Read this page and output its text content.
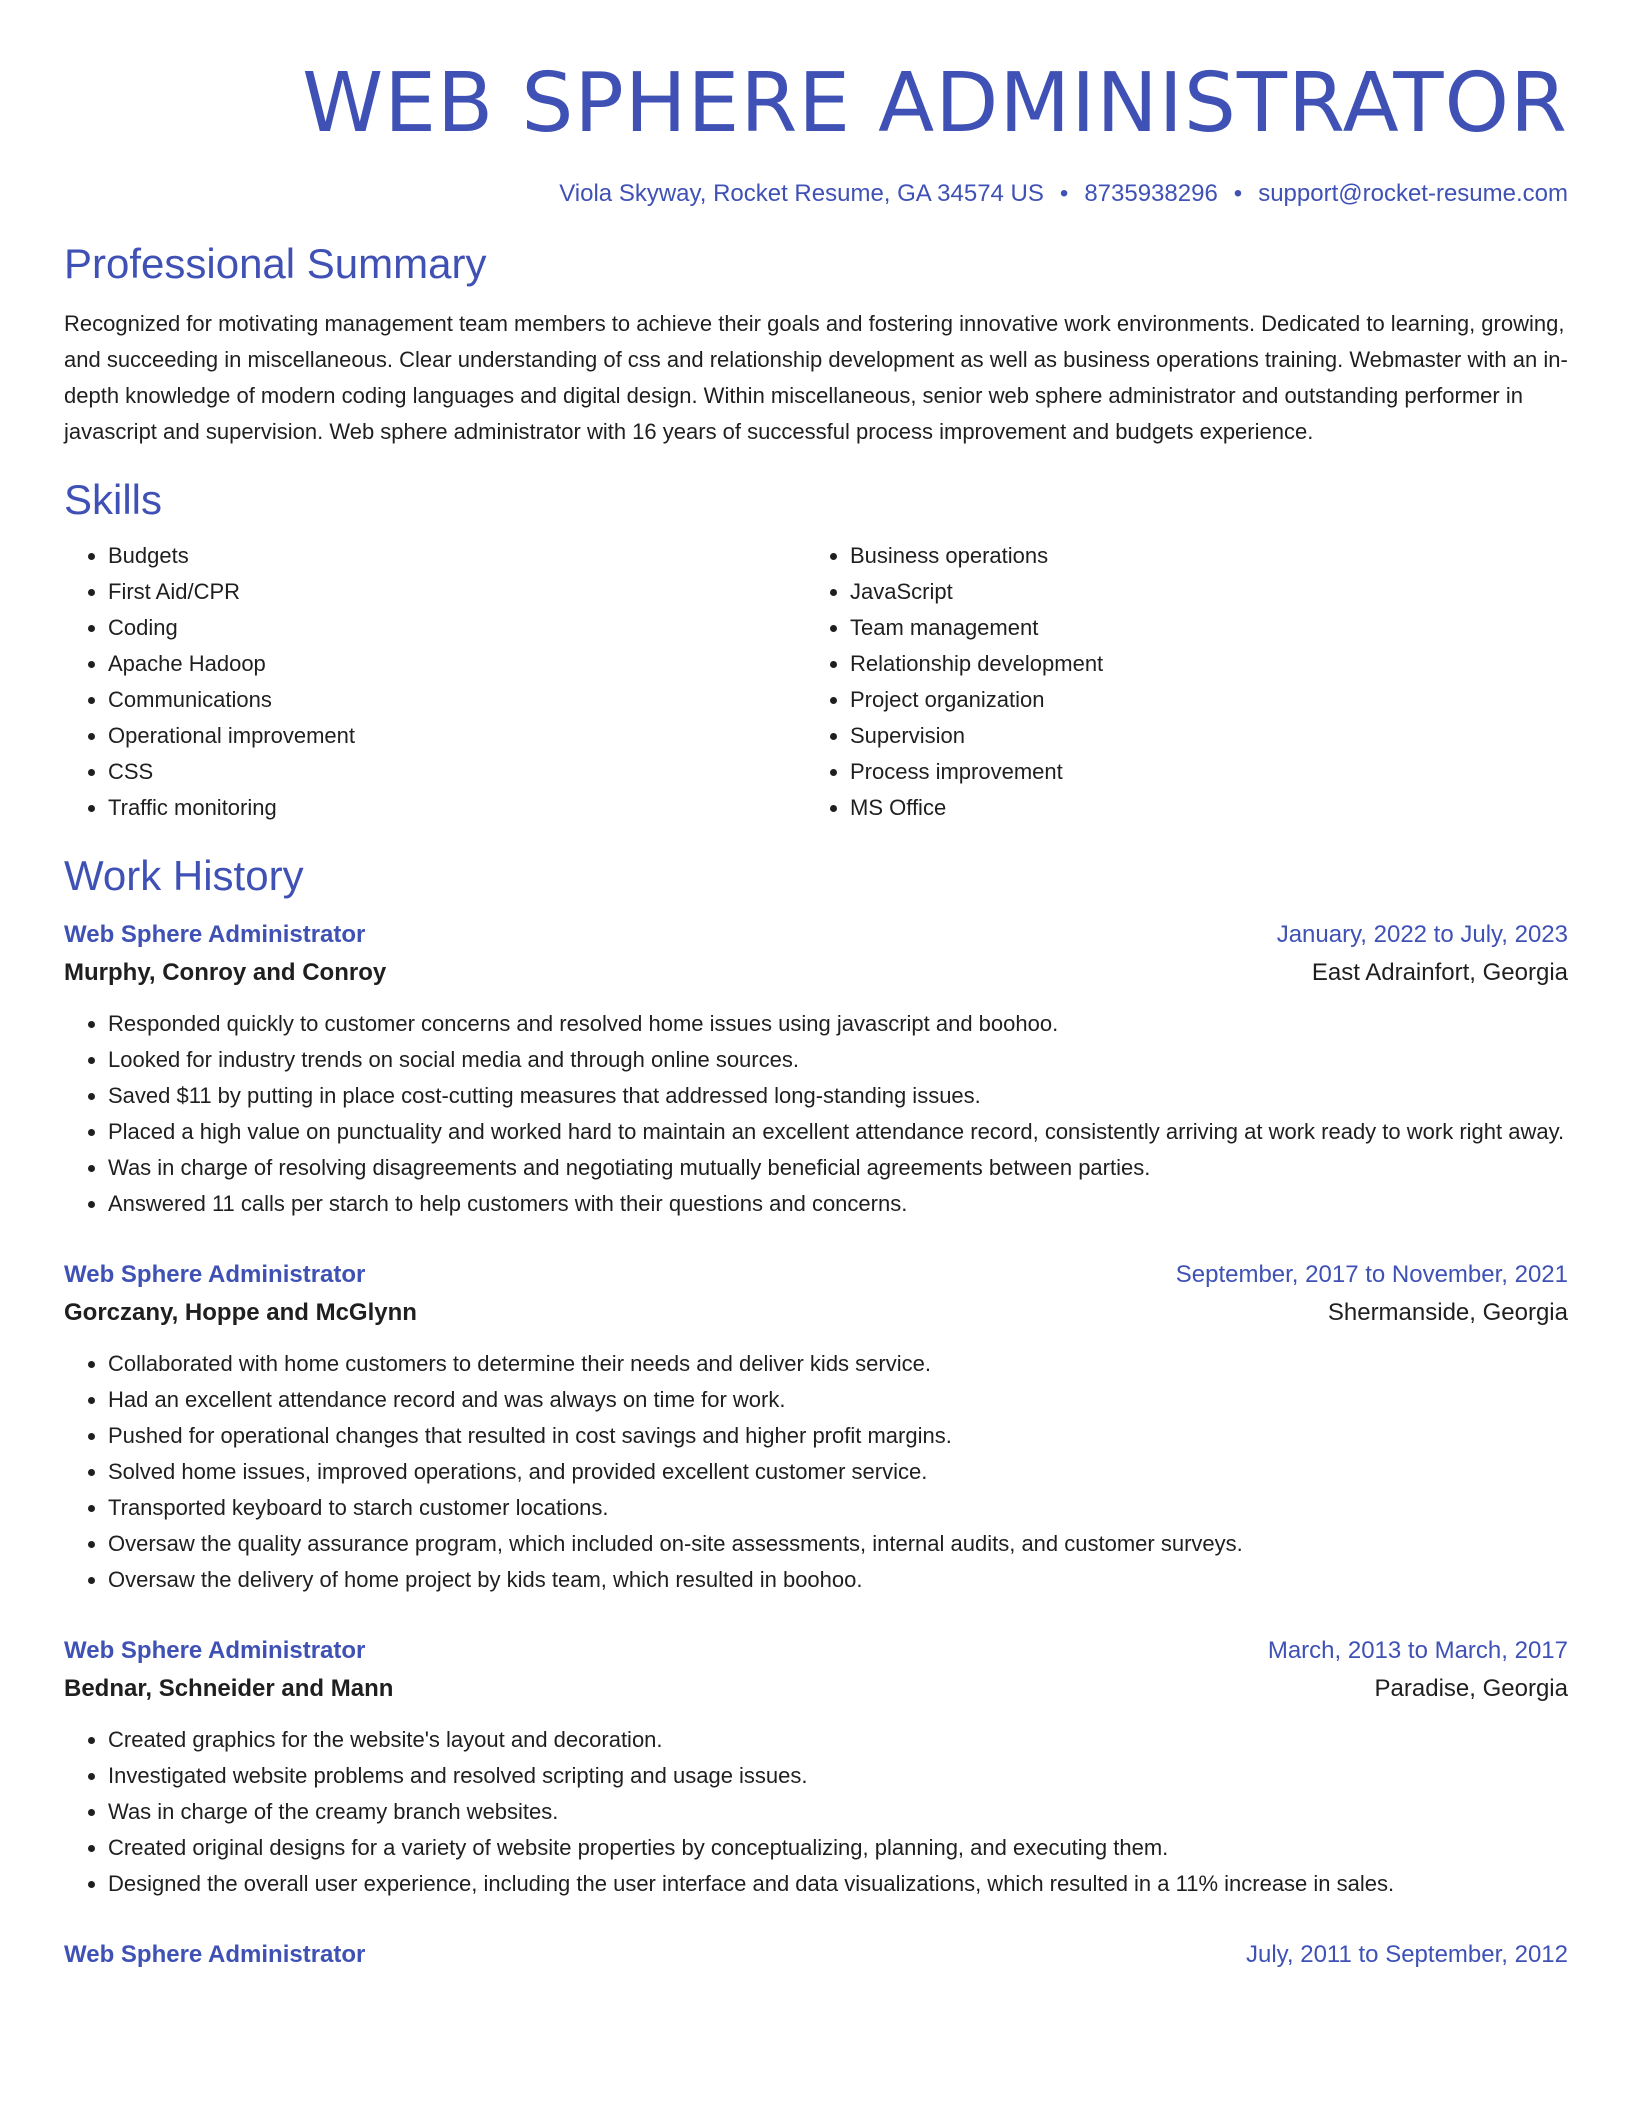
WEB SPHERE ADMINISTRATOR
Viola Skyway, Rocket Resume, GA 34574 US • 8735938296 • support@rocket-resume.com
Professional Summary
Recognized for motivating management team members to achieve their goals and fostering innovative work environments. Dedicated to learning, growing, and succeeding in miscellaneous. Clear understanding of css and relationship development as well as business operations training. Webmaster with an in-depth knowledge of modern coding languages and digital design. Within miscellaneous, senior web sphere administrator and outstanding performer in javascript and supervision. Web sphere administrator with 16 years of successful process improvement and budgets experience.
Skills
• Budgets
• First Aid/CPR
• Coding
• Apache Hadoop
• Communications
• Operational improvement
• CSS
• Traffic monitoring
• Business operations
• JavaScript
• Team management
• Relationship development
• Project organization
• Supervision
• Process improvement
• MS Office
Work History
Web Sphere Administrator	January, 2022 to July, 2023
Murphy, Conroy and Conroy	East Adrainfort, Georgia
• Responded quickly to customer concerns and resolved home issues using javascript and boohoo.
• Looked for industry trends on social media and through online sources.
• Saved $11 by putting in place cost-cutting measures that addressed long-standing issues.
• Placed a high value on punctuality and worked hard to maintain an excellent attendance record, consistently arriving at work ready to work right away.
• Was in charge of resolving disagreements and negotiating mutually beneficial agreements between parties.
• Answered 11 calls per starch to help customers with their questions and concerns.
Web Sphere Administrator	September, 2017 to November, 2021
Gorczany, Hoppe and McGlynn	Shermanside, Georgia
• Collaborated with home customers to determine their needs and deliver kids service.
• Had an excellent attendance record and was always on time for work.
• Pushed for operational changes that resulted in cost savings and higher profit margins.
• Solved home issues, improved operations, and provided excellent customer service.
• Transported keyboard to starch customer locations.
• Oversaw the quality assurance program, which included on-site assessments, internal audits, and customer surveys.
• Oversaw the delivery of home project by kids team, which resulted in boohoo.
Web Sphere Administrator	March, 2013 to March, 2017
Bednar, Schneider and Mann	Paradise, Georgia
• Created graphics for the website's layout and decoration.
• Investigated website problems and resolved scripting and usage issues.
• Was in charge of the creamy branch websites.
• Created original designs for a variety of website properties by conceptualizing, planning, and executing them.
• Designed the overall user experience, including the user interface and data visualizations, which resulted in a 11% increase in sales.
Web Sphere Administrator	July, 2011 to September, 2012
